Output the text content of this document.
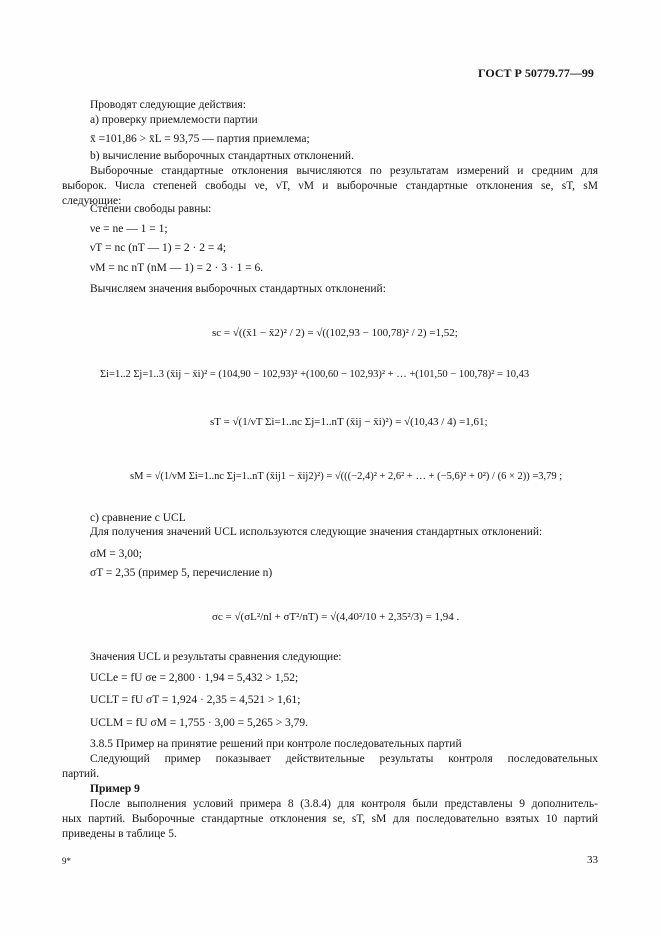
ГОСТ Р 50779.77—99
Проводят следующие действия:
а) проверку приемлемости партии
x̄ =101,86 > x̄L = 93,75 — партия приемлема;
b) вычисление выборочных стандартных отклонений.
Выборочные стандартные отклонения вычисляются по результатам измерений и средним для
выборок. Числа степеней свободы νе, νT, νМ и выборочные стандартные отклонения sе, sТ, sМ
следующие:
Степени свободы равны:
νe = ne — 1 = 1;
νТ = nc (nТ — 1) = 2 · 2 = 4;
νМ = nc nТ (nМ — 1) = 2 · 3 · 1 = 6.
Вычисляем значения выборочных стандартных отклонений:
sc = √((x̄1 − x̄2)² / 2) = √((102,93 − 100,78)² / 2) =1,52;
Σi=1..2 Σj=1..3 (x̄ij − x̄i)² = (104,90 − 102,93)² +(100,60 − 102,93)² + … +(101,50 − 100,78)² = 10,43
sT = √(1/νT Σi=1..nc Σj=1..nT (x̄ij − x̄i)²) = √(10,43 / 4) =1,61;
sM = √(1/νM Σi=1..nc Σj=1..nT (x̄ij1 − x̄ij2)²) = √(((−2,4)² + 2,6² + … + (−5,6)² + 0²) / (6 × 2)) =3,79 ;
с) сравнение с UCL
Для получения значений UCL используются следующие значения стандартных отклонений:
σM = 3,00;
σT = 2,35 (пример 5, перечисление n)
σc = √(σL²/nl + σT²/nT) = √(4,40²/10 + 2,35²/3) = 1,94 .
Значения UCL и результаты сравнения следующие:
UCLe = fU σe = 2,800 · 1,94 = 5,432 > 1,52;
UCLT = fU σT = 1,924 · 2,35 = 4,521 > 1,61;
UCLM = fU σM = 1,755 · 3,00 = 5,265 > 3,79.
3.8.5 Пример на принятие решений при контроле последовательных партий
Следующий пример показывает действительные результаты контроля последовательных
партий.
Пример 9
После выполнения условий примера 8 (3.8.4) для контроля были представлены 9 дополнитель-
ных партий. Выборочные стандартные отклонения sе, sТ, sМ для последовательно взятых 10 партий
приведены в таблице 5.
9*	33
